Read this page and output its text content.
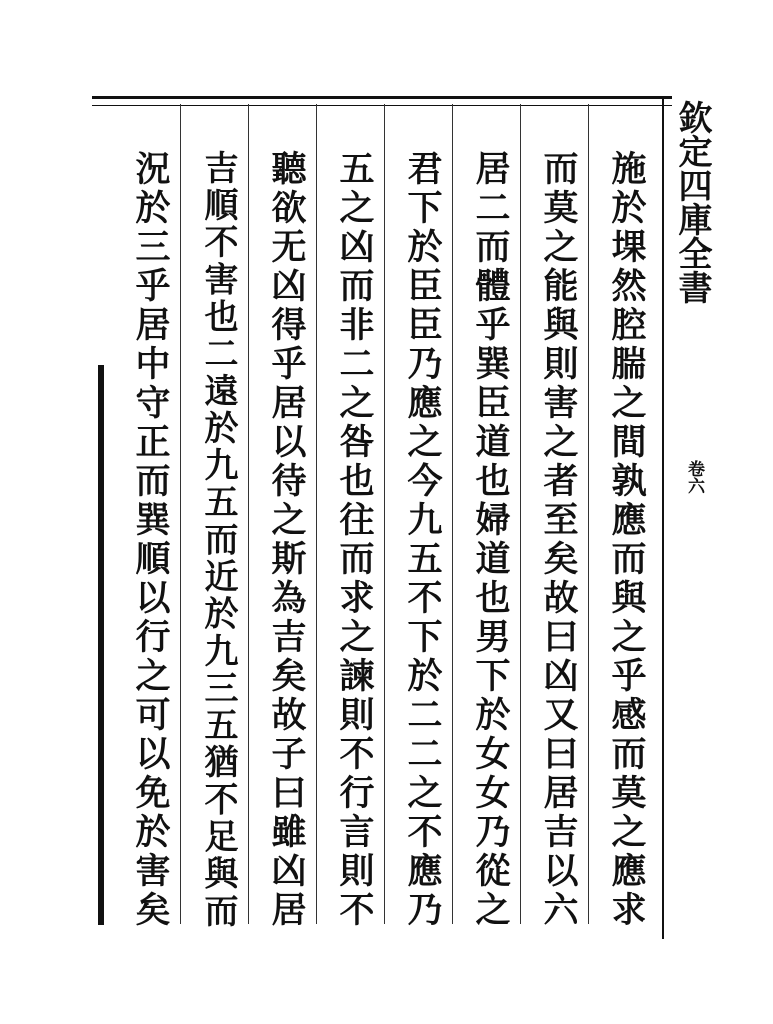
欽定四庫全書
卷六
施於堁然腔腨之間孰應而與之乎感而莫之應求
而莫之能與則害之者至矣故曰凶又曰居吉以六
居二而體乎巽臣道也婦道也男下於女女乃從之
君下於臣臣乃應之今九五不下於二二之不應乃
五之凶而非二之咎也往而求之諫則不行言則不
聽欲无凶得乎居以待之斯為吉矣故子曰雖凶居
吉順不害也二遠於九五而近於九三五猶不足與而
況於三乎居中守正而巽順以行之可以免於害矣
